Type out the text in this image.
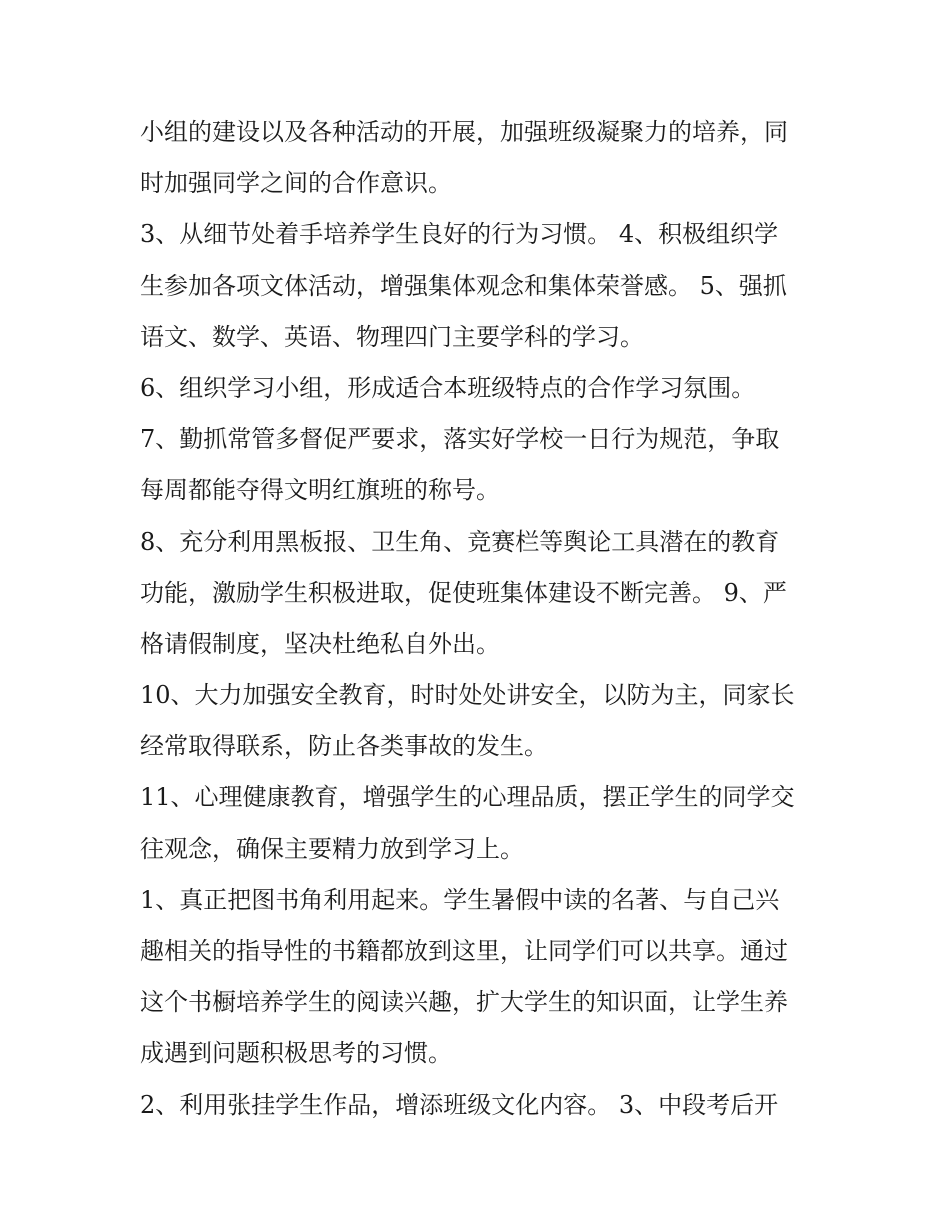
小组的建设以及各种活动的开展，加强班级凝聚力的培养，同
时加强同学之间的合作意识。

3、从细节处着手培养学生良好的行为习惯。 4、积极组织学
生参加各项文体活动，增强集体观念和集体荣誉感。 5、强抓
语文、数学、英语、物理四门主要学科的学习。

6、组织学习小组，形成适合本班级特点的合作学习氛围。

7、勤抓常管多督促严要求，落实好学校一日行为规范，争取
每周都能夺得文明红旗班的称号。

8、充分利用黑板报、卫生角、竞赛栏等舆论工具潜在的教育
功能，激励学生积极进取，促使班集体建设不断完善。 9、严
格请假制度，坚决杜绝私自外出。

10、大力加强安全教育，时时处处讲安全，以防为主，同家长
经常取得联系，防止各类事故的发生。

11、心理健康教育，增强学生的心理品质，摆正学生的同学交
往观念，确保主要精力放到学习上。

1、真正把图书角利用起来。学生暑假中读的名著、与自己兴
趣相关的指导性的书籍都放到这里，让同学们可以共享。通过
这个书橱培养学生的阅读兴趣，扩大学生的知识面，让学生养
成遇到问题积极思考的习惯。

2、利用张挂学生作品，增添班级文化内容。 3、中段考后开
